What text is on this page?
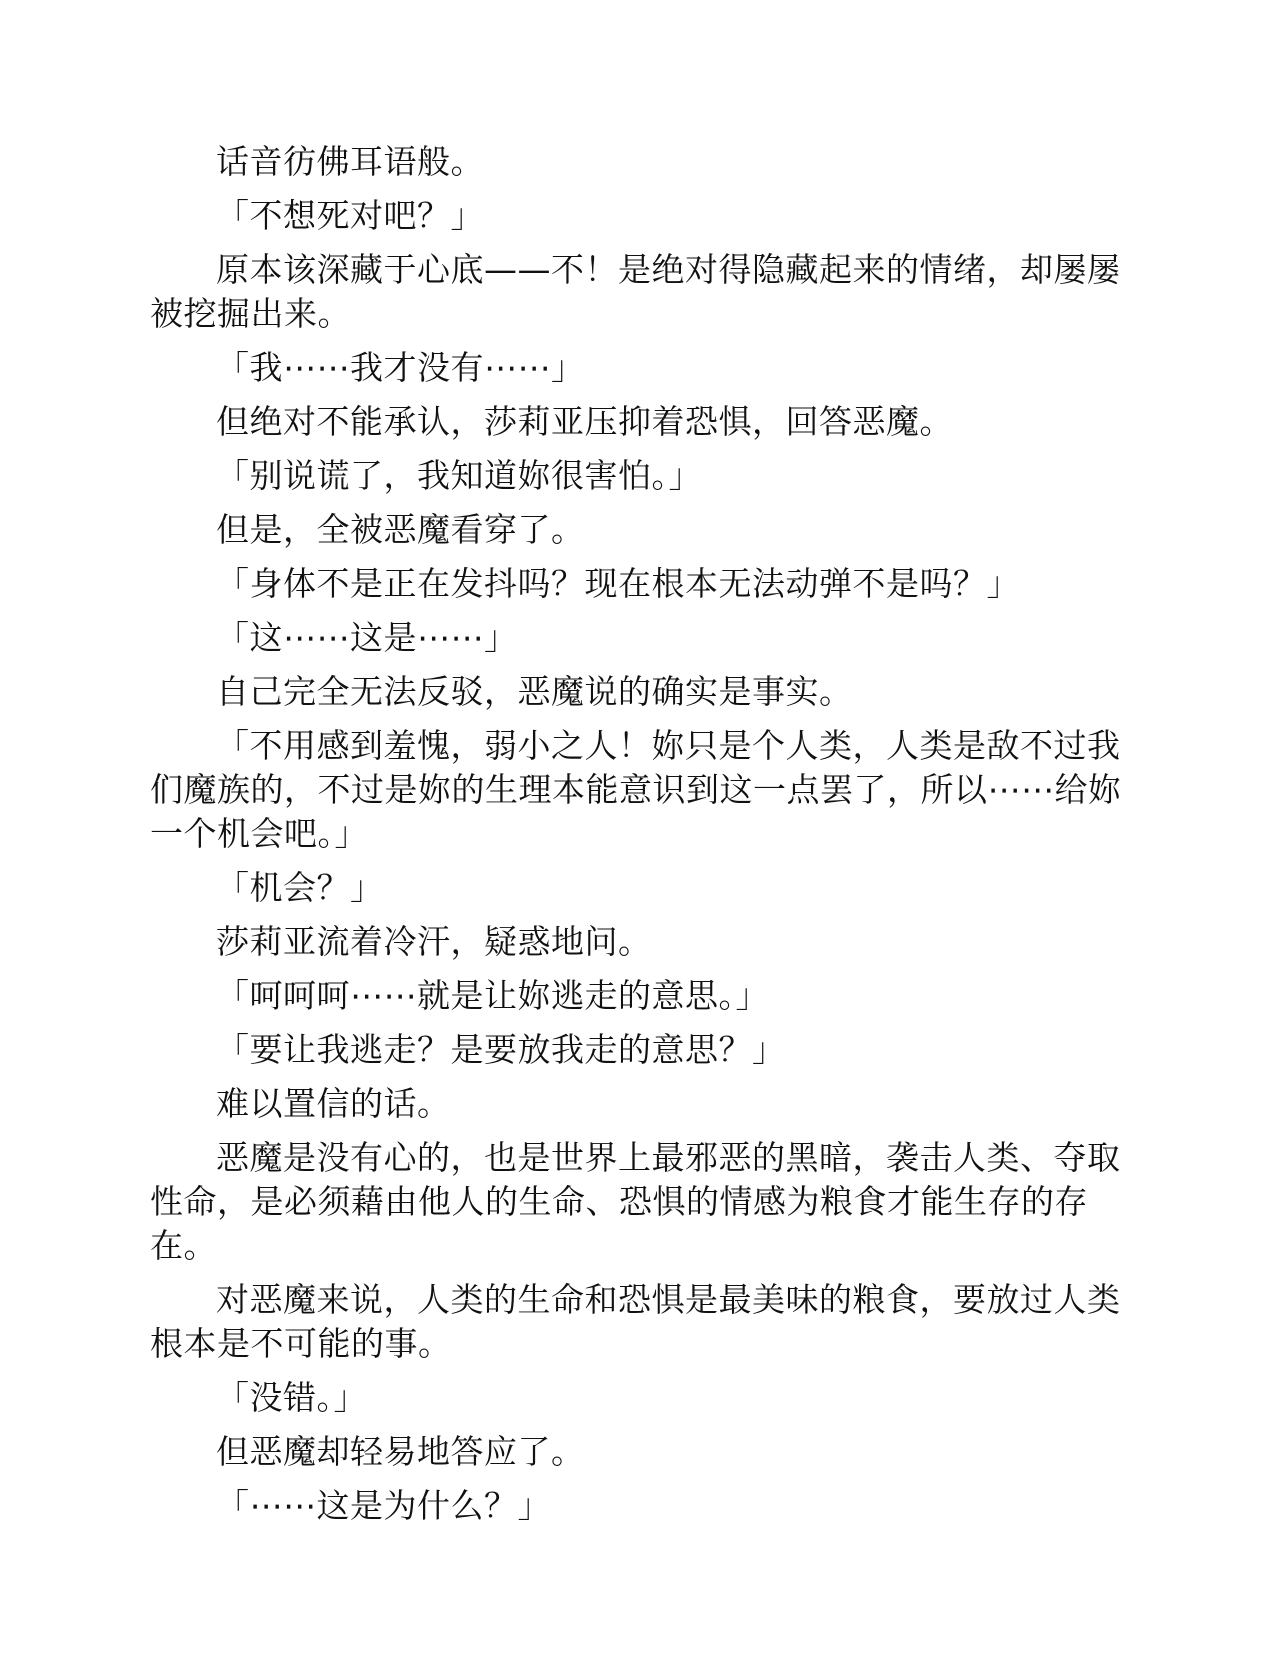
话音彷佛耳语般。

「不想死对吧？」

原本该深藏于心底——不！是绝对得隐藏起来的情绪，却屡屡被挖掘出来。

「我⋯⋯我才没有⋯⋯」

但绝对不能承认，莎莉亚压抑着恐惧，回答恶魔。

「别说谎了，我知道妳很害怕。」

但是，全被恶魔看穿了。

「身体不是正在发抖吗？现在根本无法动弹不是吗？」

「这⋯⋯这是⋯⋯」

自己完全无法反驳，恶魔说的确实是事实。

「不用感到羞愧，弱小之人！妳只是个人类，人类是敌不过我们魔族的，不过是妳的生理本能意识到这一点罢了，所以⋯⋯给妳一个机会吧。」

「机会？」

莎莉亚流着冷汗，疑惑地问。

「呵呵呵⋯⋯就是让妳逃走的意思。」

「要让我逃走？是要放我走的意思？」

难以置信的话。

恶魔是没有心的，也是世界上最邪恶的黑暗，袭击人类、夺取性命，是必须藉由他人的生命、恐惧的情感为粮食才能生存的存在。

对恶魔来说，人类的生命和恐惧是最美味的粮食，要放过人类根本是不可能的事。

「没错。」

但恶魔却轻易地答应了。

「⋯⋯这是为什么？」
